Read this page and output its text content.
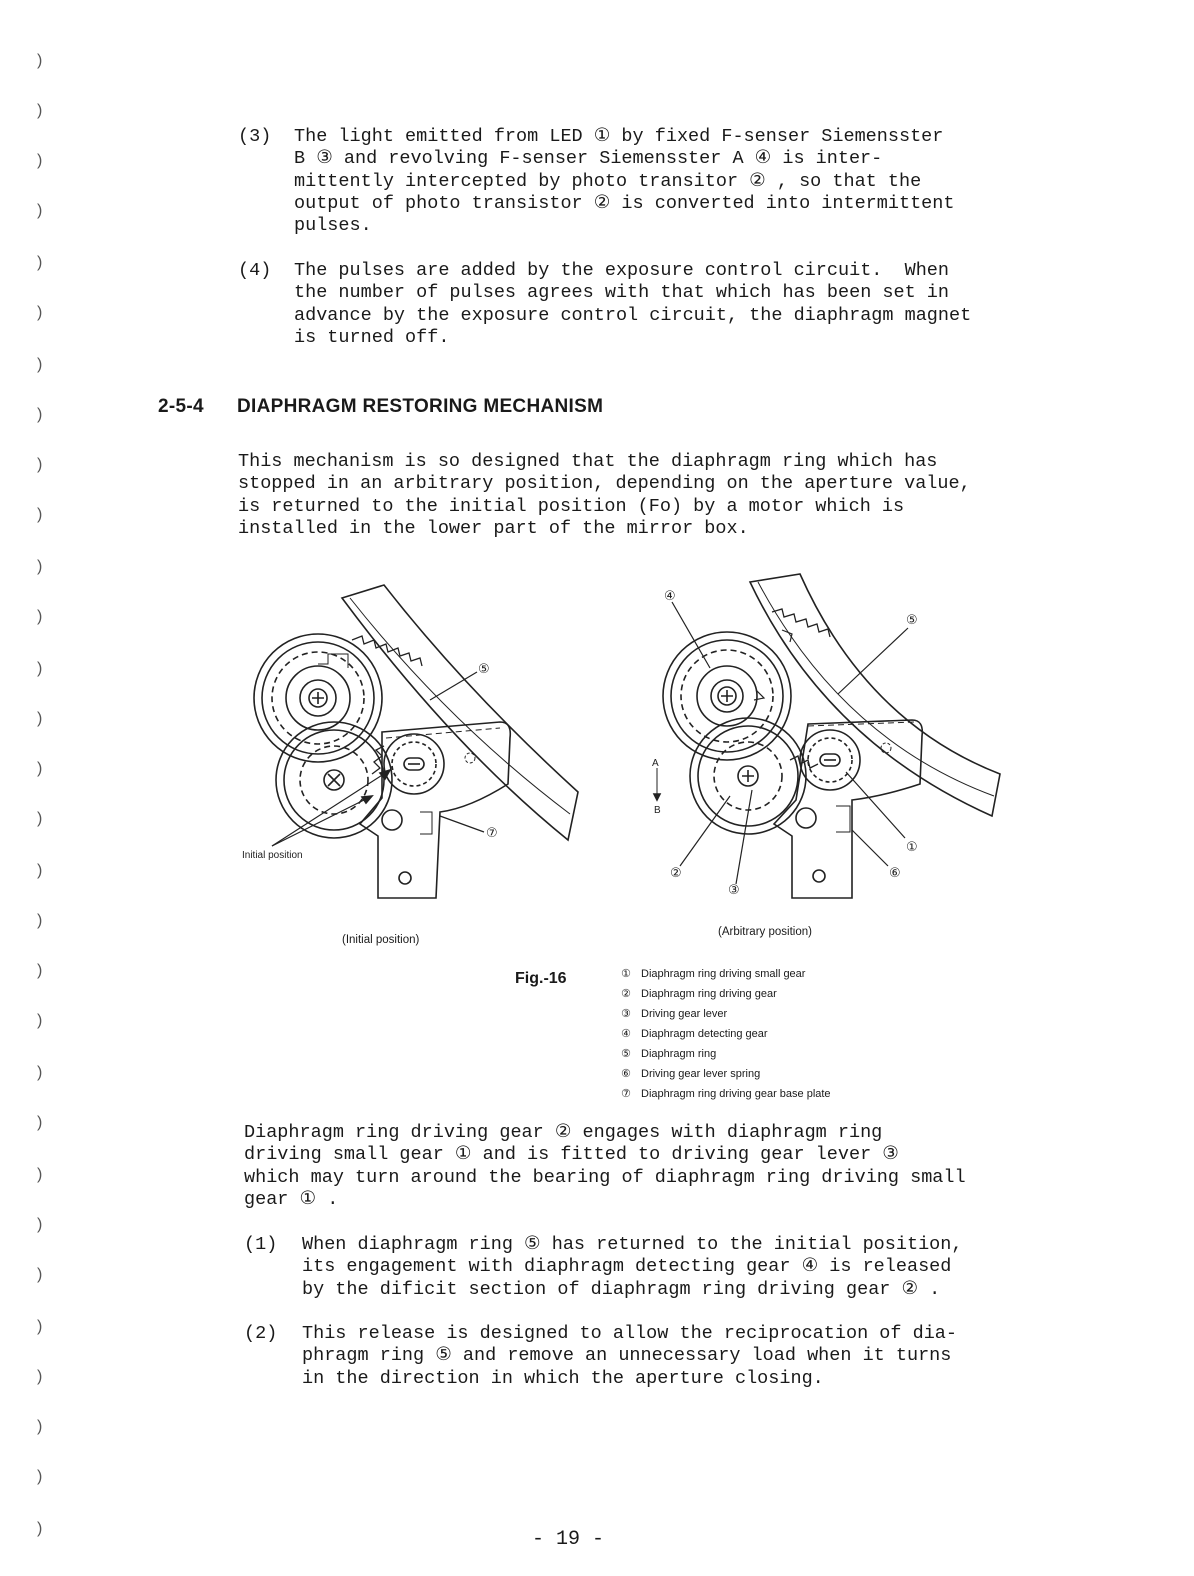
)
)
)
)
)
)
)
)
)
)
)
)
)
)
)
)
)
)
)
)
)
)
)
)
)
)
)
)
)
)
(3) The light emitted from LED ① by fixed F-senser Siemensster
B ③ and revolving F-senser Siemensster A ④ is inter-
mittently intercepted by photo transitor ② , so that the
output of photo transistor ② is converted into intermittent
pulses.
(4) The pulses are added by the exposure control circuit.  When
the number of pulses agrees with that which has been set in
advance by the exposure control circuit, the diaphragm magnet
is turned off.
2-5-4 DIAPHRAGM RESTORING MECHANISM
This mechanism is so designed that the diaphragm ring which has
stopped in an arbitrary position, depending on the aperture value,
is returned to the initial position (Fo) by a motor which is
installed in the lower part of the mirror box.
⑤
⑦
Initial position
④
⑤
①
⑥
②
③
A
B
(Initial position)
(Arbitrary position)
Fig.-16	① Diaphragm ring driving small gear
② Diaphragm ring driving gear
③ Driving gear lever
④ Diaphragm detecting gear
⑤ Diaphragm ring
⑥ Driving gear lever spring
⑦ Diaphragm ring driving gear base plate
Diaphragm ring driving gear ② engages with diaphragm ring
driving small gear ① and is fitted to driving gear lever ③
which may turn around the bearing of diaphragm ring driving small
gear ① .
(1) When diaphragm ring ⑤ has returned to the initial position,
its engagement with diaphragm detecting gear ④ is released
by the dificit section of diaphragm ring driving gear ② .
(2) This release is designed to allow the reciprocation of dia-
phragm ring ⑤ and remove an unnecessary load when it turns
in the direction in which the aperture closing.
- 19 -
